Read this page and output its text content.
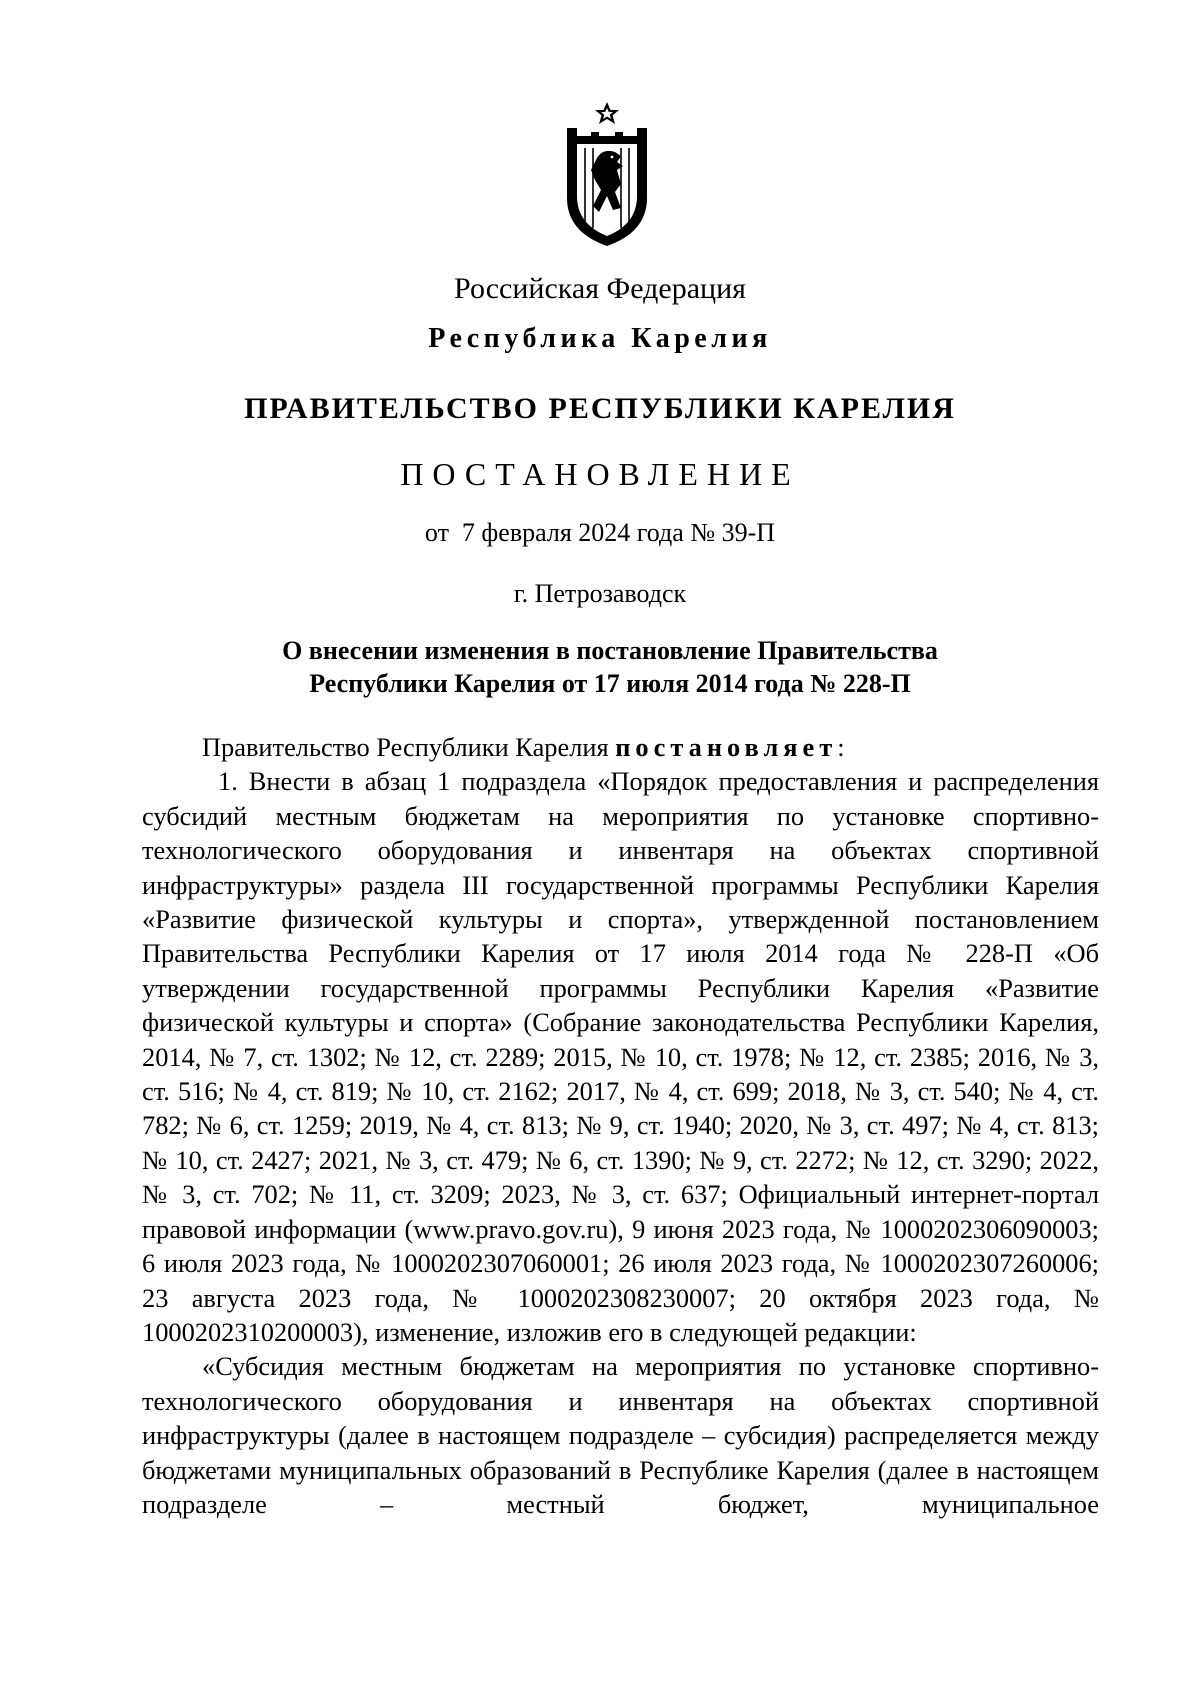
Российская Федерация
Республика Карелия
ПРАВИТЕЛЬСТВО РЕСПУБЛИКИ КАРЕЛИЯ
ПОСТАНОВЛЕНИЕ
от  7 февраля 2024 года № 39-П
г. Петрозаводск
О внесении изменения в постановление Правительства
Республики Карелия от 17 июля 2014 года № 228-П

Правительство Республики Карелия постановляет:

1. Внести в абзац 1 подраздела «Порядок предоставления и распределения субсидий местным бюджетам на мероприятия по установке спортивно-технологического оборудования и инвентаря на объектах спортивной инфраструктуры» раздела III государственной программы Республики Карелия «Развитие физической культуры и спорта», утвержденной постановлением Правительства Республики Карелия от 17 июля 2014 года № 228-П «Об утверждении государственной программы Республики Карелия «Развитие физической культуры и спорта» (Собрание законодательства Республики Карелия, 2014, № 7, ст. 1302; № 12, ст. 2289; 2015, № 10, ст. 1978; № 12, ст. 2385; 2016, № 3, ст. 516; № 4, ст. 819; № 10, ст. 2162; 2017, № 4, ст. 699; 2018, № 3, ст. 540; № 4, ст. 782; № 6, ст. 1259; 2019, № 4, ст. 813; № 9, ст. 1940; 2020, № 3, ст. 497; № 4, ст. 813; № 10, ст. 2427; 2021, № 3, ст. 479; № 6, ст. 1390; № 9, ст. 2272; № 12, ст. 3290; 2022, № 3, ст. 702; № 11, ст. 3209; 2023, № 3, ст. 637; Официальный интернет-портал правовой информации (www.pravo.gov.ru), 9 июня 2023 года, № 1000202306090003; 6 июля 2023 года, № 1000202307060001; 26 июля 2023 года, № 1000202307260006; 23 августа 2023 года, № 1000202308230007; 20 октября 2023 года, № 1000202310200003), изменение, изложив его в следующей редакции:

«Субсидия местным бюджетам на мероприятия по установке спортивно-технологического оборудования и инвентаря на объектах спортивной инфраструктуры (далее в настоящем подразделе – субсидия) распределяется между бюджетами муниципальных образований в Республике Карелия (далее в настоящем подразделе – местный бюджет, муниципальное
